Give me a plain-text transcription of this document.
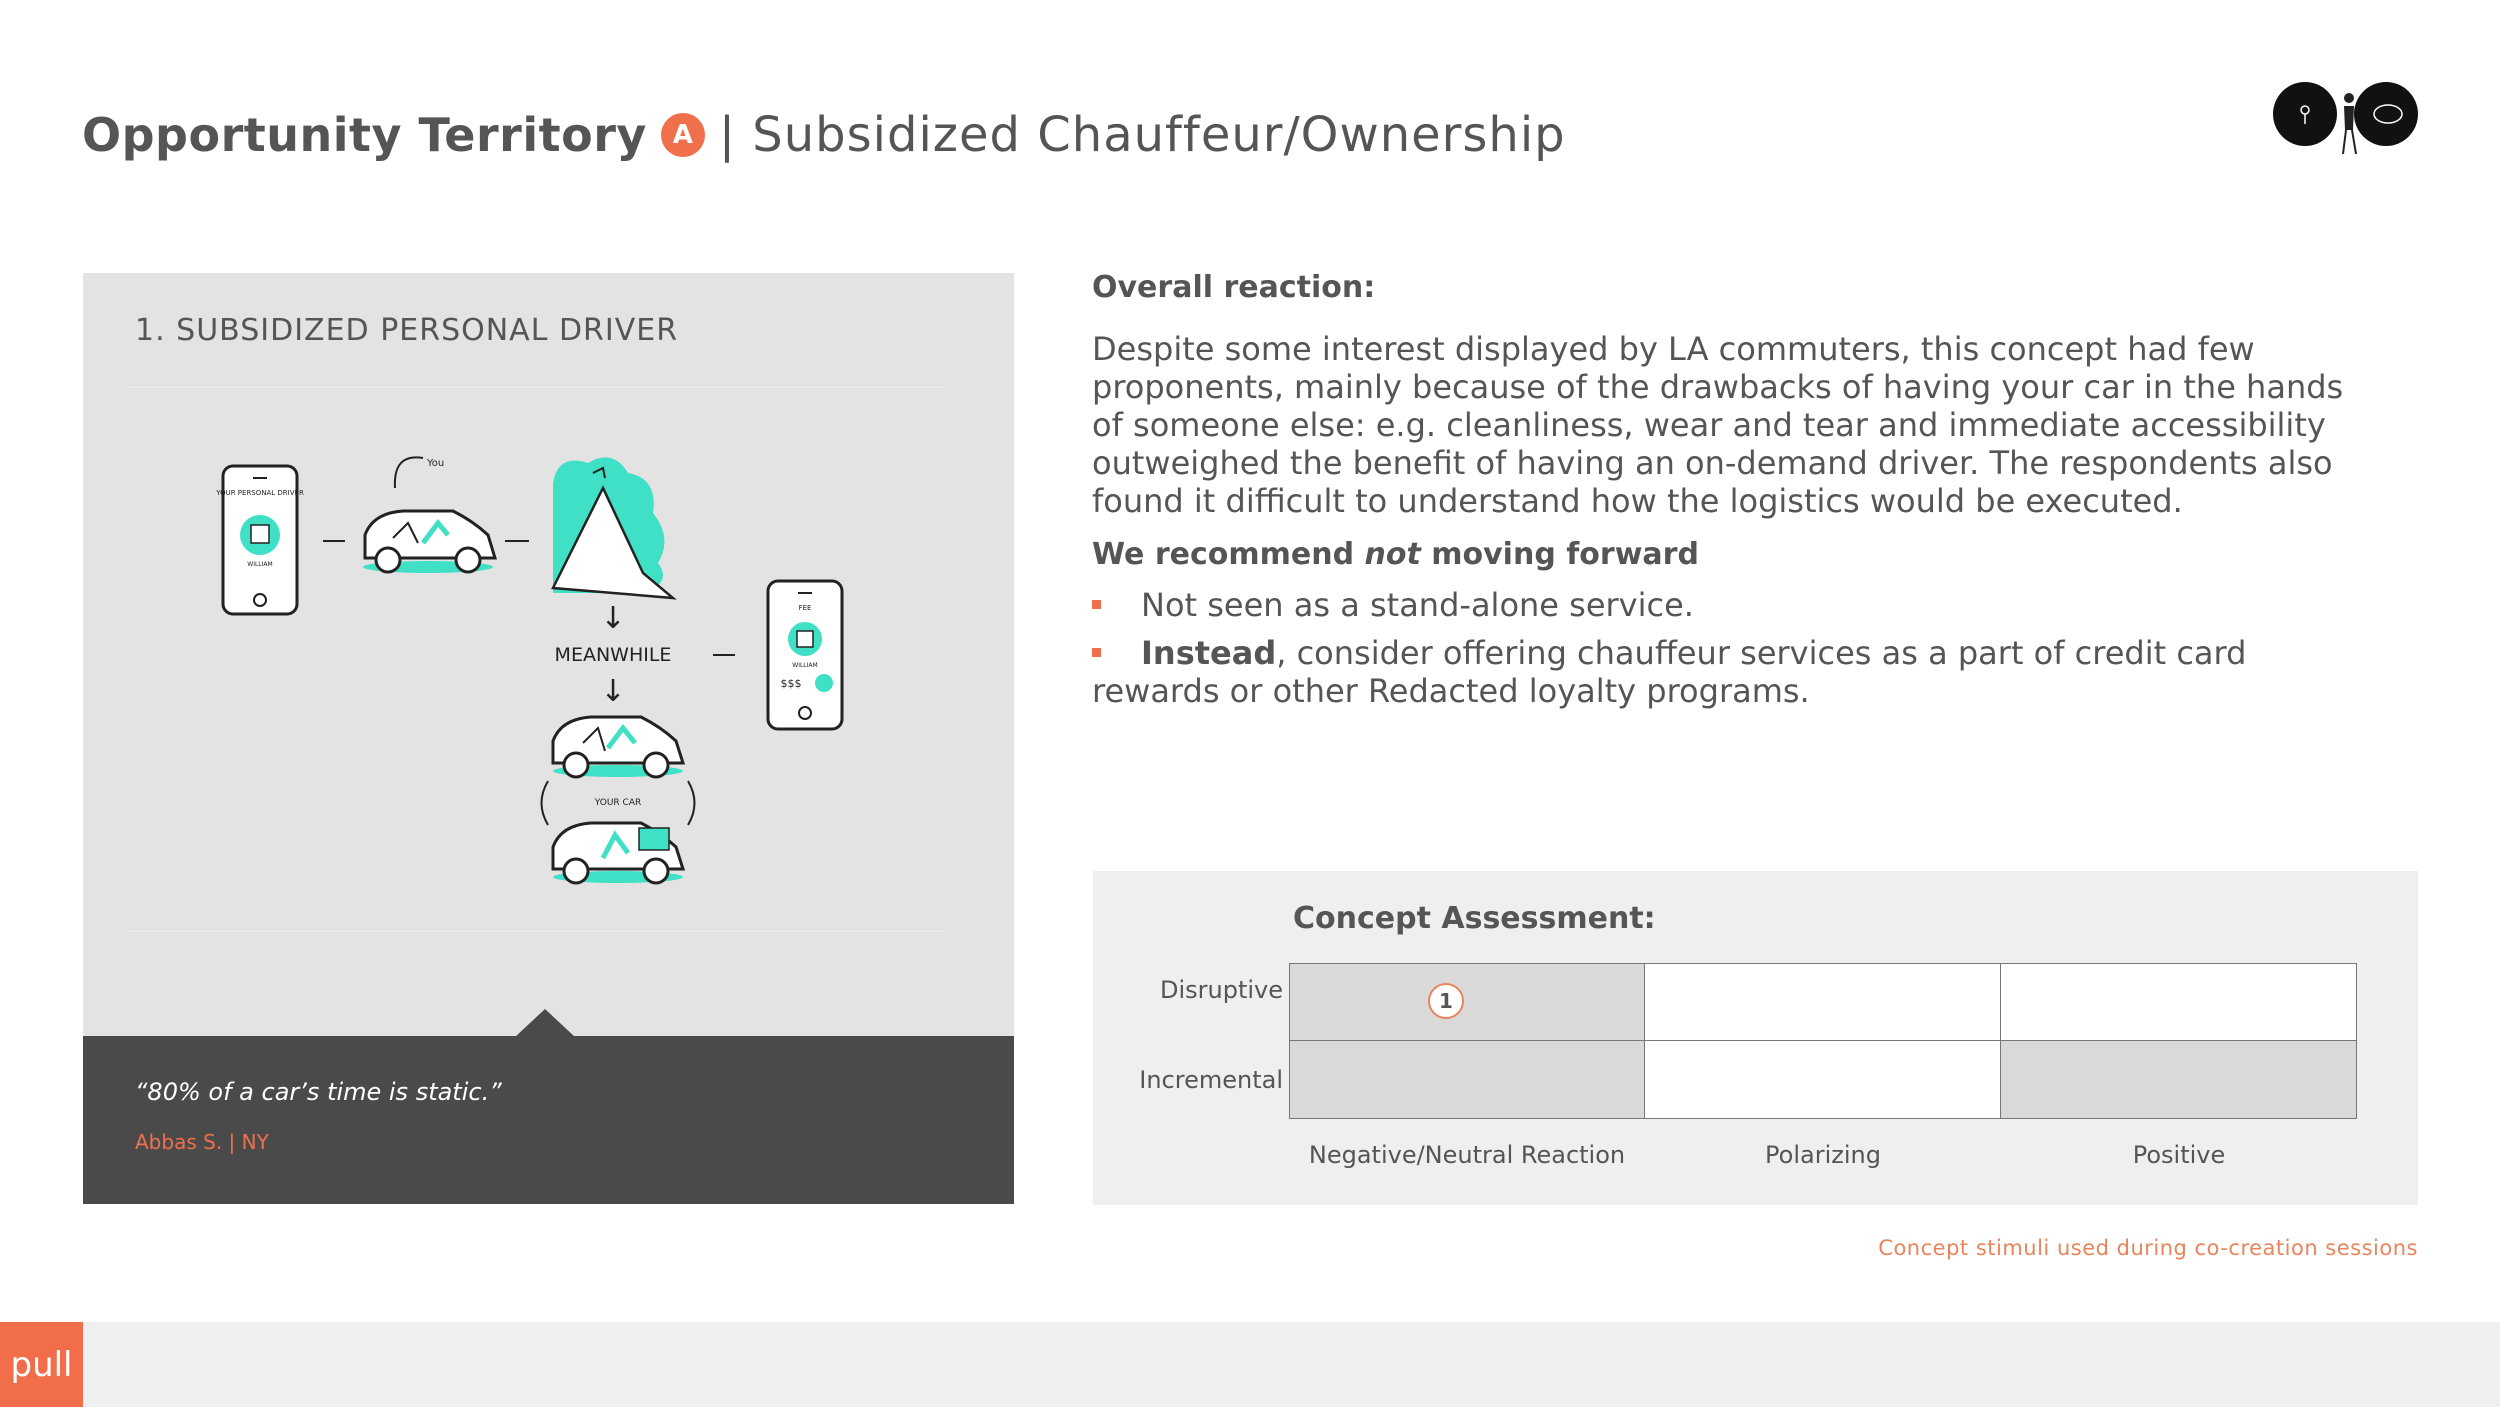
Opportunity Territory A | Subsidized Chauffeur/Ownership
1. SUBSIDIZED PERSONAL DRIVER
YOUR PERSONAL DRIVER
WILLIAM
You
↓
MEANWHILE
↓
YOUR CAR
FEE
WILLIAM
$$$
“80% of a car’s time is static.”
Abbas S. | NY
Overall reaction:
Despite some interest displayed by LA commuters, this concept had few proponents, mainly because of the drawbacks of having your car in the hands of someone else: e.g. cleanliness, wear and tear and immediate accessibility outweighed the benefit of having an on-demand driver. The respondents also found it difficult to understand how the logistics would be executed.
We recommend not moving forward
Not seen as a stand-alone service.
Instead, consider offering chauffeur services as a part of credit card rewards or other Redacted loyalty programs.
Concept Assessment:
Disruptive
Incremental
1
Negative/Neutral Reaction	Polarizing	Positive
Concept stimuli used during co-creation sessions
pull
